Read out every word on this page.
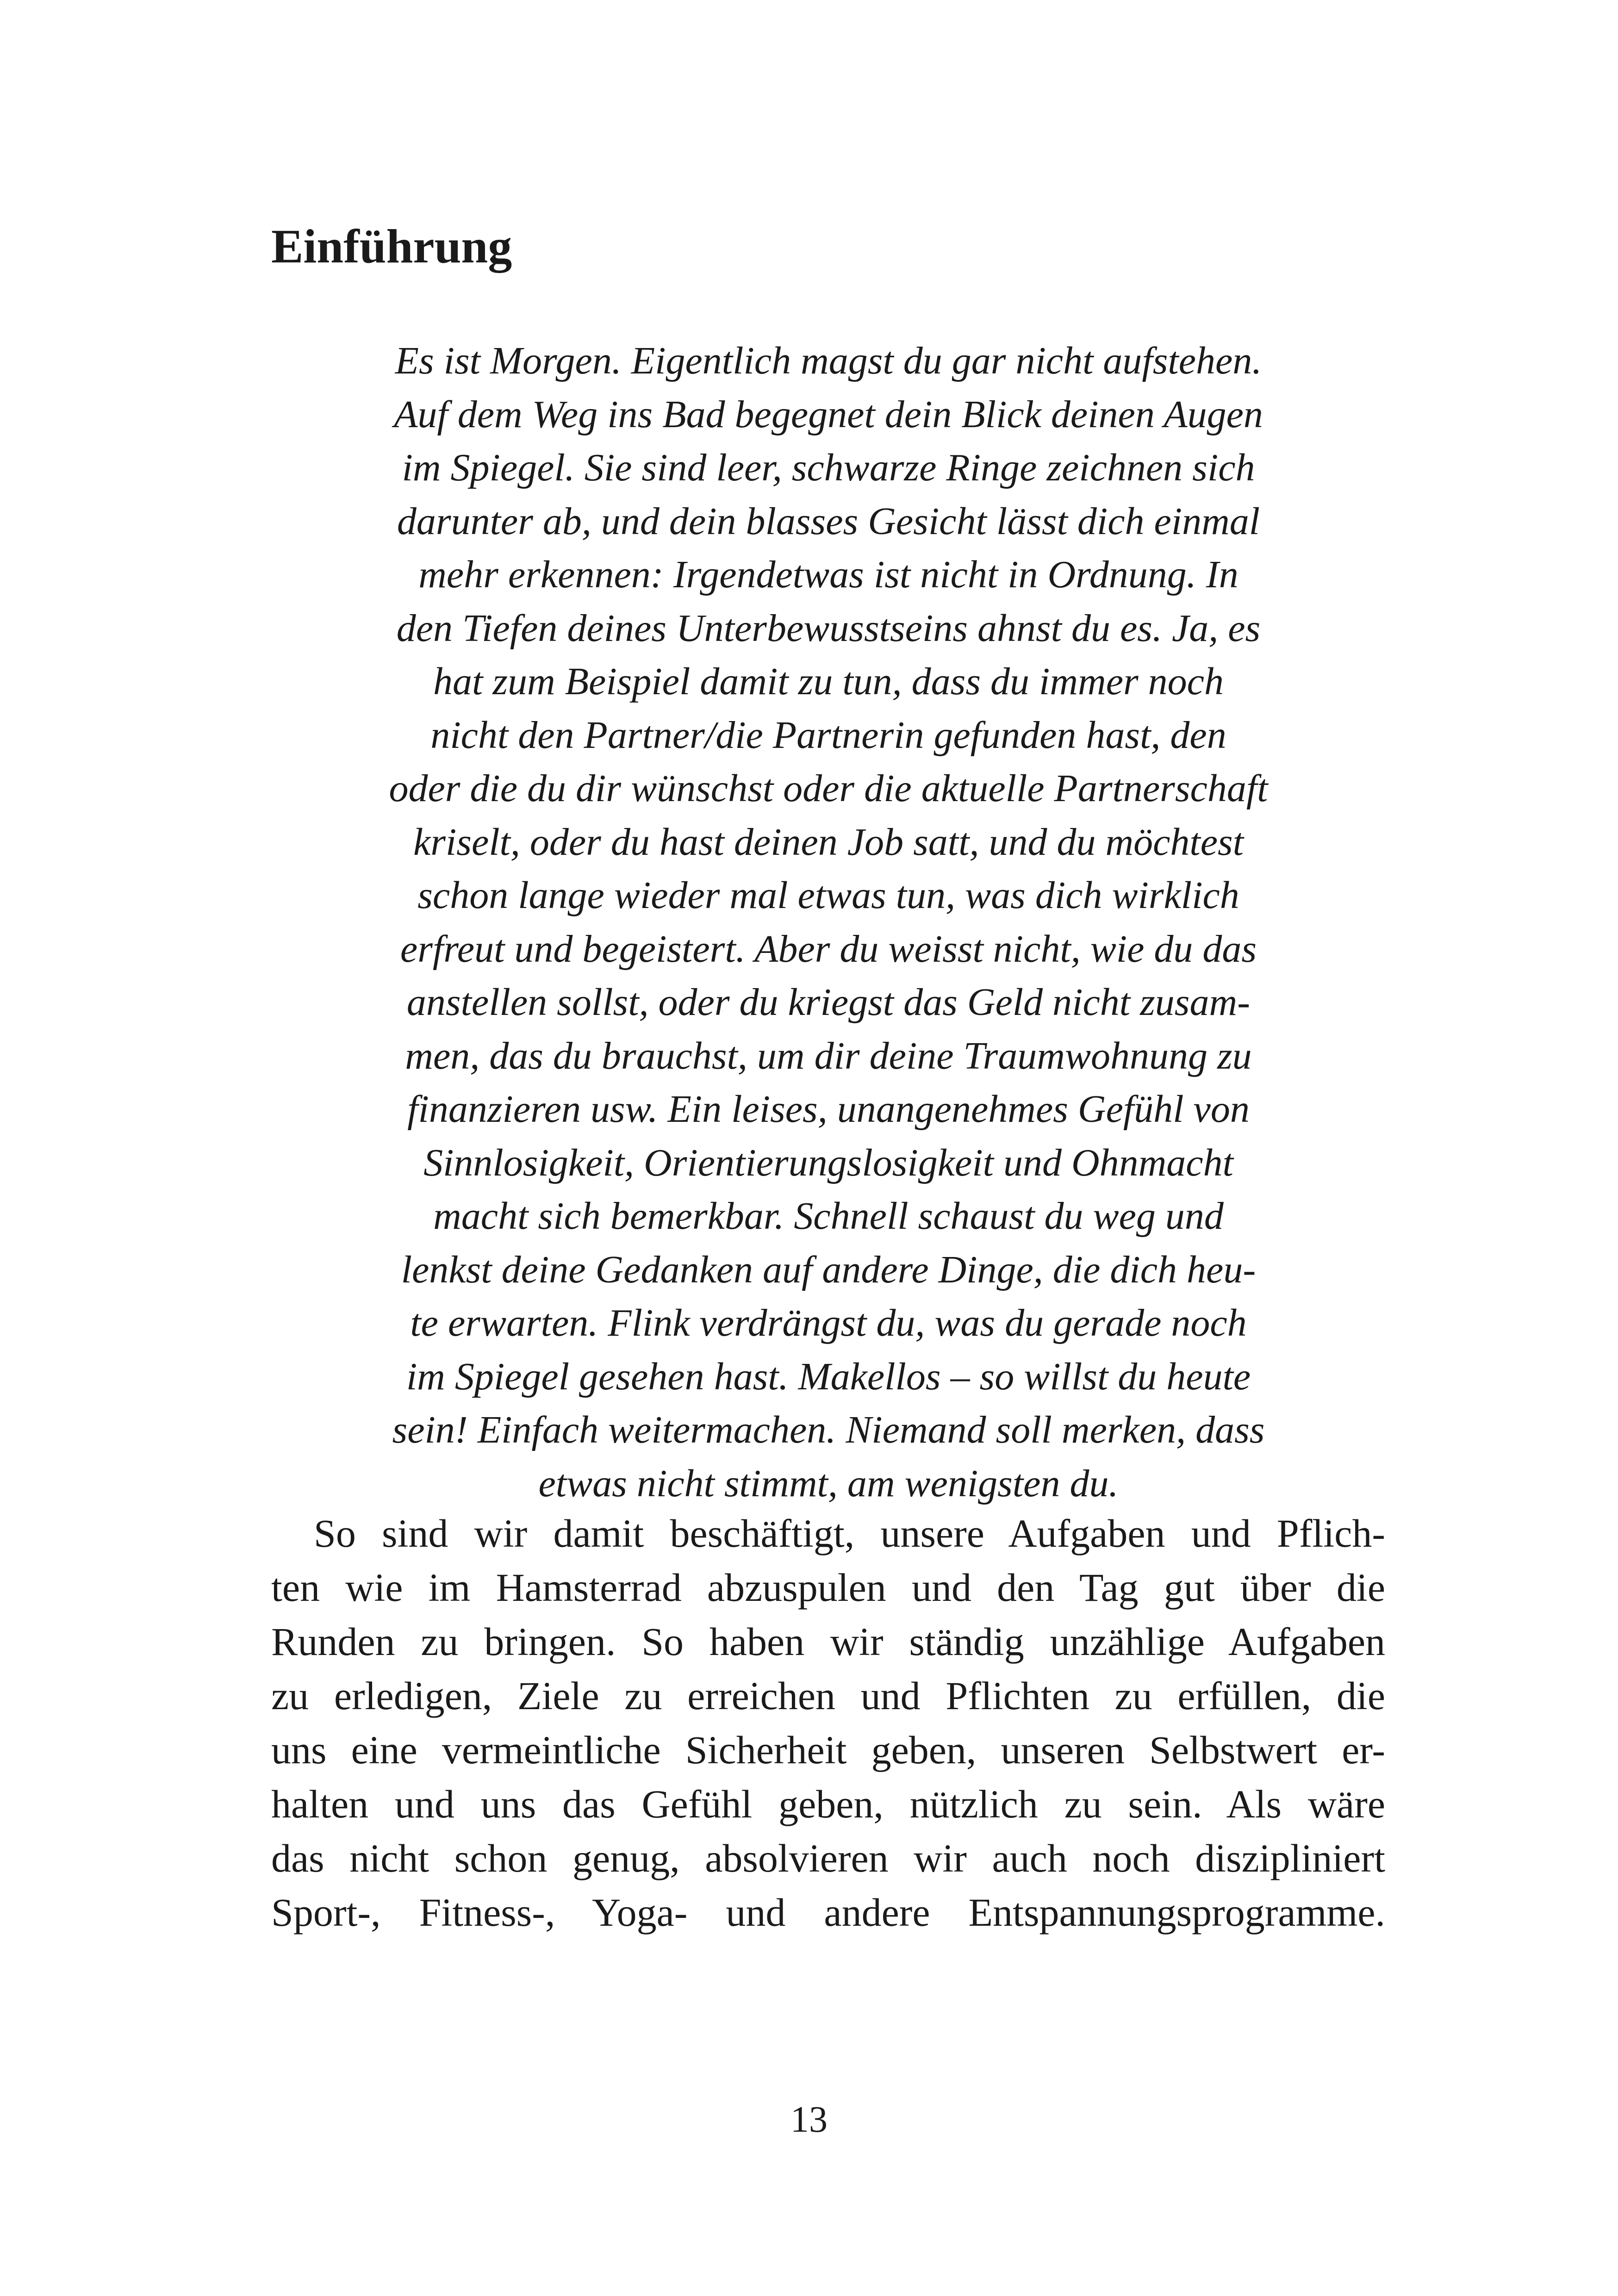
Einführung
Es ist Morgen. Eigentlich magst du gar nicht aufstehen.
Auf dem Weg ins Bad begegnet dein Blick deinen Augen
im Spiegel. Sie sind leer, schwarze Ringe zeichnen sich
darunter ab, und dein blasses Gesicht lässt dich einmal
mehr erkennen: Irgendetwas ist nicht in Ordnung. In
den Tiefen deines Unterbewusstseins ahnst du es. Ja, es
hat zum Beispiel damit zu tun, dass du immer noch
nicht den Partner/die Partnerin gefunden hast, den
oder die du dir wünschst oder die aktuelle Partnerschaft
kriselt, oder du hast deinen Job satt, und du möchtest
schon lange wieder mal etwas tun, was dich wirklich
erfreut und begeistert. Aber du weisst nicht, wie du das
anstellen sollst, oder du kriegst das Geld nicht zusam-
men, das du brauchst, um dir deine Traumwohnung zu
finanzieren usw. Ein leises, unangenehmes Gefühl von
Sinnlosigkeit, Orientierungslosigkeit und Ohnmacht
macht sich bemerkbar. Schnell schaust du weg und
lenkst deine Gedanken auf andere Dinge, die dich heu-
te erwarten. Flink verdrängst du, was du gerade noch
im Spiegel gesehen hast. Makellos – so willst du heute
sein! Einfach weitermachen. Niemand soll merken, dass
etwas nicht stimmt, am wenigsten du.
So sind wir damit beschäftigt, unsere Aufgaben und Pflich-
ten wie im Hamsterrad abzuspulen und den Tag gut über die
Runden zu bringen. So haben wir ständig unzählige Aufgaben
zu erledigen, Ziele zu erreichen und Pflichten zu erfüllen, die
uns eine vermeintliche Sicherheit geben, unseren Selbstwert er-
halten und uns das Gefühl geben, nützlich zu sein. Als wäre
das nicht schon genug, absolvieren wir auch noch diszipliniert
Sport-, Fitness-, Yoga- und andere Entspannungsprogramme.
13
